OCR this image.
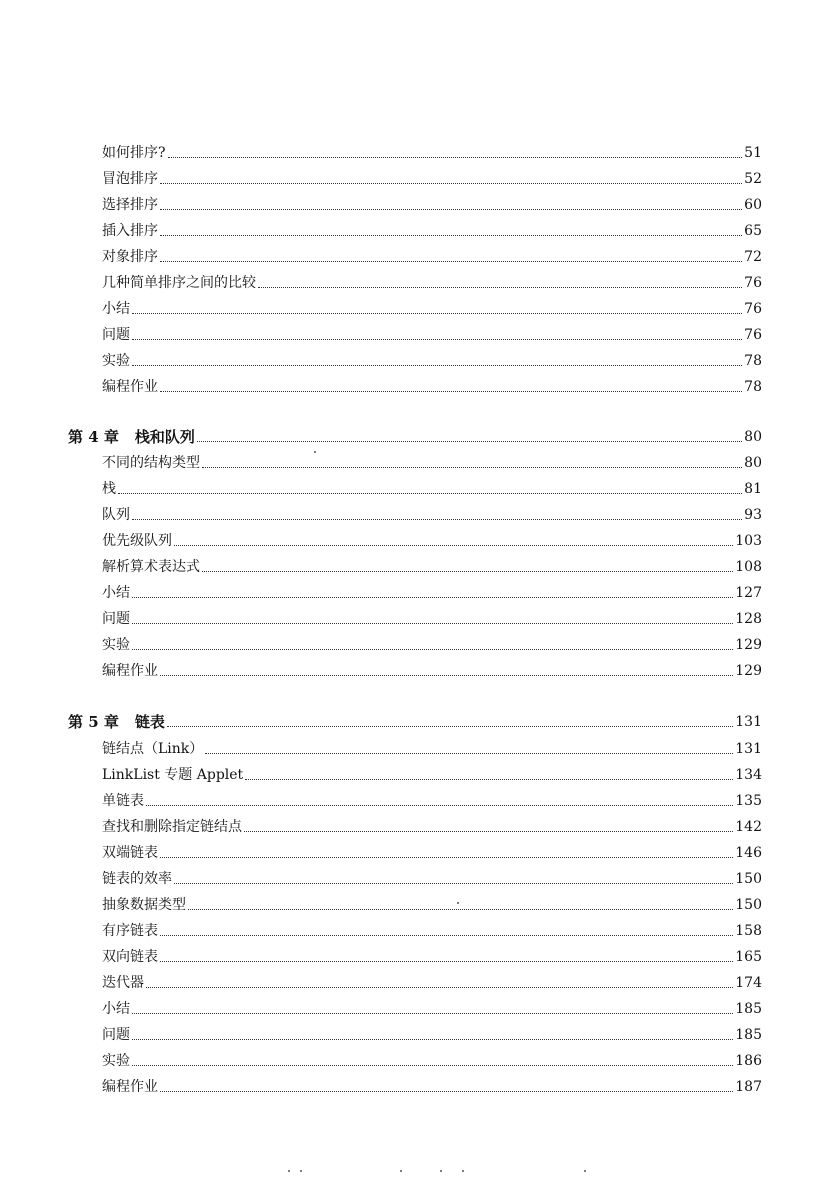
如何排序?	51
冒泡排序	52
选择排序	60
插入排序	65
对象排序	72
几种简单排序之间的比较	76
小结	76
问题	76
实验	78
编程作业	78
第 4 章	栈和队列	80
不同的结构类型	80
栈	81
队列	93
优先级队列	103
解析算术表达式	108
小结	127
问题	128
实验	129
编程作业	129
第 5 章	链表	131
链结点（Link）	131
LinkList 专题 Applet	134
单链表	135
查找和删除指定链结点	142
双端链表	146
链表的效率	150
抽象数据类型	150
有序链表	158
双向链表	165
迭代器	174
小结	185
问题	185
实验	186
编程作业	187
